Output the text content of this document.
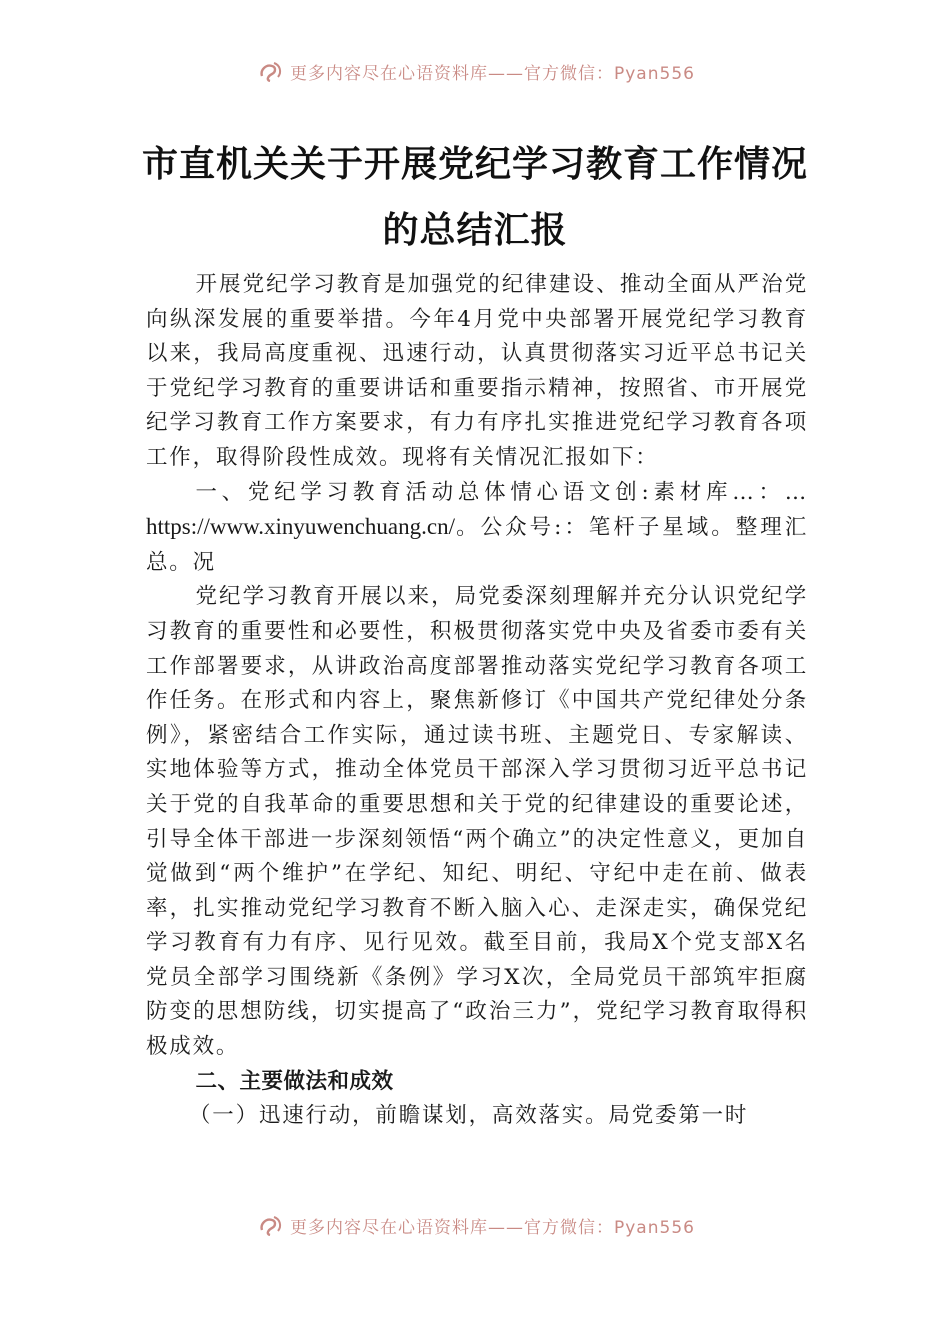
更多内容尽在心语资料库——官方微信：Pyan556
市直机关关于开展党纪学习教育工作情况
的总结汇报

开展党纪学习教育是加强党的纪律建设、推动全面从严治党向纵深发展的重要举措。今年4月党中央部署开展党纪学习教育以来，我局高度重视、迅速行动，认真贯彻落实习近平总书记关于党纪学习教育的重要讲话和重要指示精神，按照省、市开展党纪学习教育工作方案要求，有力有序扎实推进党纪学习教育各项工作，取得阶段性成效。现将有关情况汇报如下：

一、党纪学习教育活动总体情心语文创:素材库…：…https://www.xinyuwenchuang.cn/。公众号:：笔杆子星域。整理汇总。况

党纪学习教育开展以来，局党委深刻理解并充分认识党纪学习教育的重要性和必要性，积极贯彻落实党中央及省委市委有关工作部署要求，从讲政治高度部署推动落实党纪学习教育各项工作任务。在形式和内容上，聚焦新修订《中国共产党纪律处分条例》，紧密结合工作实际，通过读书班、主题党日、专家解读、实地体验等方式，推动全体党员干部深入学习贯彻习近平总书记关于党的自我革命的重要思想和关于党的纪律建设的重要论述，引导全体干部进一步深刻领悟“两个确立”的决定性意义，更加自觉做到“两个维护”在学纪、知纪、明纪、守纪中走在前、做表率，扎实推动党纪学习教育不断入脑入心、走深走实，确保党纪学习教育有力有序、见行见效。截至目前，我局X个党支部X名党员全部学习围绕新《条例》学习X次，全局党员干部筑牢拒腐防变的思想防线，切实提高了“政治三力”，党纪学习教育取得积极成效。

二、主要做法和成效

（一）迅速行动，前瞻谋划，高效落实。局党委第一时

更多内容尽在心语资料库——官方微信：Pyan556
